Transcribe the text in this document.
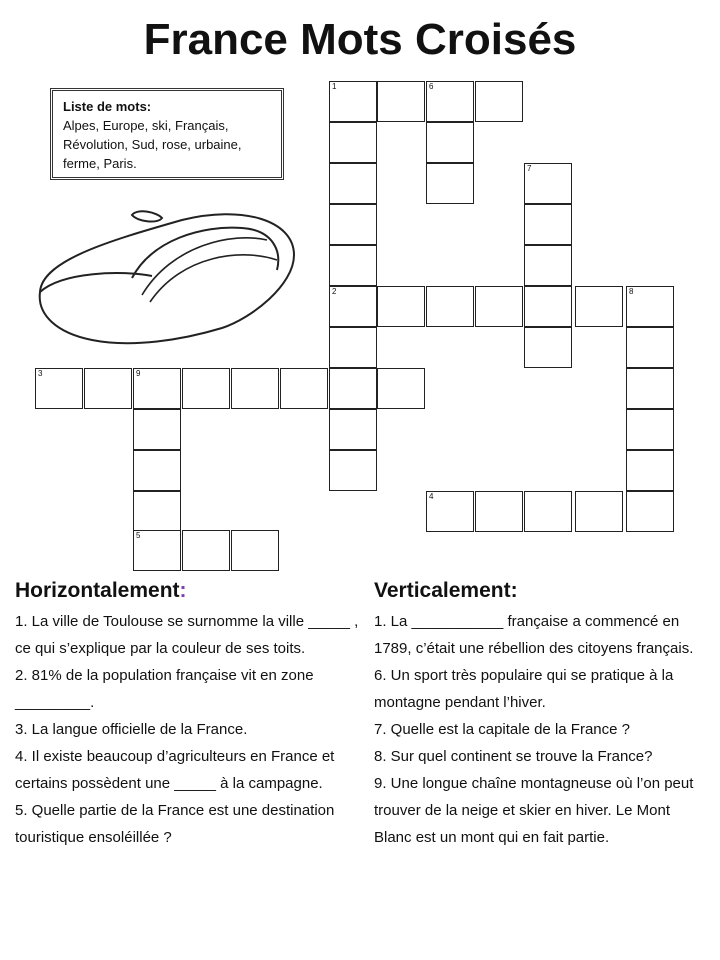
France Mots Croisés
Liste de mots:
Alpes, Europe, ski, Français,
Révolution, Sud, rose, urbaine,
ferme, Paris.
1	6
7
2	8
3	9
4
5
Horizontalement:
1. La ville de Toulouse se surnomme la ville _____ , ce qui s’explique par la couleur de ses toits.
2. 81% de la population française vit en zone _________.
3. La langue officielle de la France.
4. Il existe beaucoup d’agriculteurs en France et certains possèdent une _____ à la campagne.
5. Quelle partie de la France est une destination touristique ensoléillée ?
Verticalement:
1. La ___________ française a commencé en 1789, c’était une rébellion des citoyens français.
6. Un sport très populaire qui se pratique à la montagne pendant l’hiver.
7. Quelle est la capitale de la France ?
8. Sur quel continent se trouve la France?
9. Une longue chaîne montagneuse où l’on peut trouver de la neige et skier en hiver. Le Mont Blanc est un mont qui en fait partie.
